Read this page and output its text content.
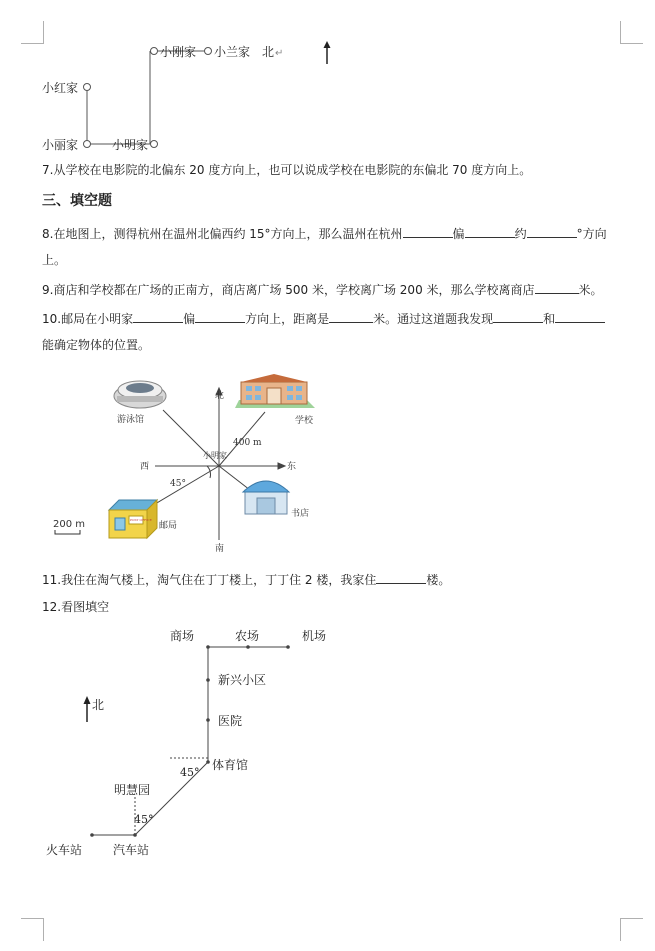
小刚家 小兰家 北 ↵
小红家
小丽家	小明家
7.从学校在电影院的北偏东 20 度方向上，也可以说成学校在电影院的东偏北 70 度方向上。
三、填空题
8.在地图上，测得杭州在温州北偏西约 15°方向上，那么温州在杭州	偏	约	°方向
上。
9.商店和学校都在广场的正南方，商店离广场 500 米，学校离广场 200 米，那么学校离商店	米。
10.邮局在小明家	偏	方向上，距离是	米。通过这道题我发现	和
能确定物体的位置。
北
南
东
西
45°
400 m
小明家
游泳馆	学校
书店
POST OFFICE
邮局
200 m
11.我住在淘气楼上，淘气住在丁丁楼上，丁丁住 2 楼，我家住	楼。
12.看图填空
商场	农场	机场
北
新兴小区
医院
体育馆
45°
明慧园
45°
火车站	汽车站
